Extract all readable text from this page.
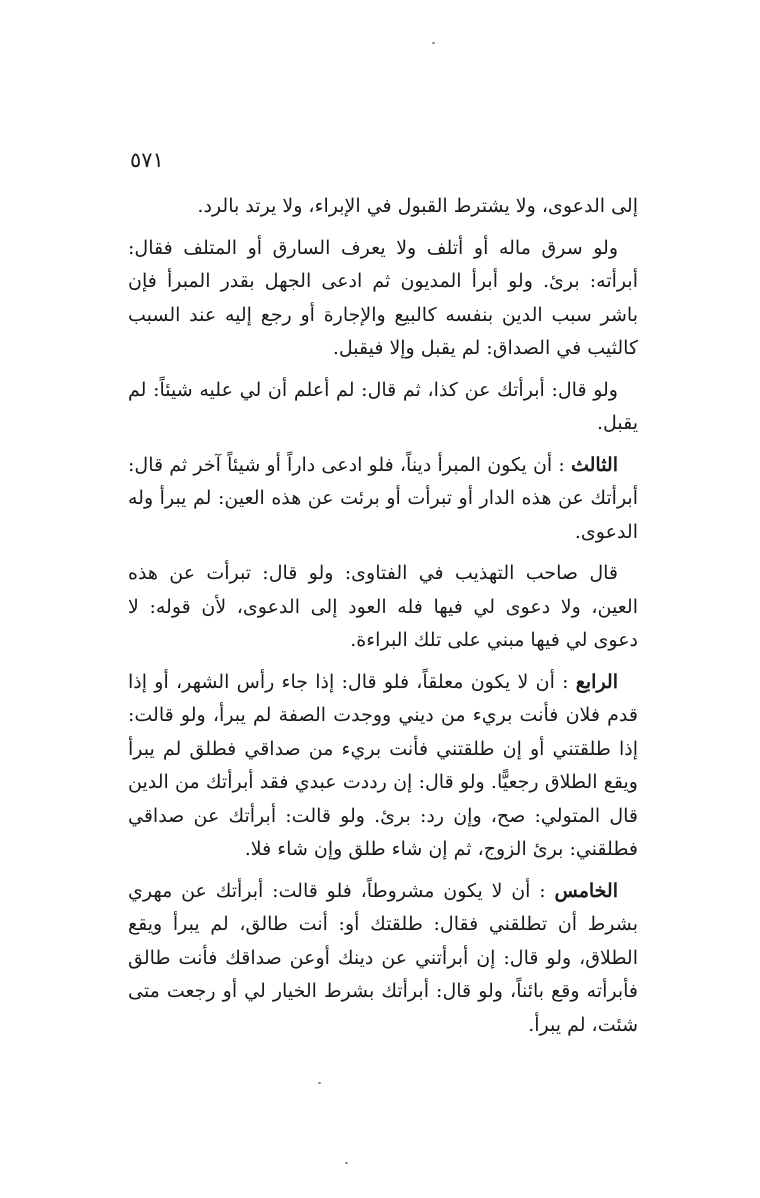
٥٧١

إلى الدعوى، ولا يشترط القبول في الإبراء، ولا يرتد بالرد.

ولو سرق ماله أو أتلف ولا يعرف السارق أو المتلف فقال: أبرأته: برئ. ولو أبرأ المديون ثم ادعى الجهل بقدر المبرأ فإن باشر سبب الدين بنفسه كالبيع والإجارة أو رجع إليه عند السبب كالثيب في الصداق: لم يقبل وإلا فيقبل.

ولو قال: أبرأتك عن كذا، ثم قال: لم أعلم أن لي عليه شيئاً: لم يقبل.

الثالث : أن يكون المبرأ ديناً، فلو ادعى داراً أو شيئاً آخر ثم قال: أبرأتك عن هذه الدار أو تبرأت أو برئت عن هذه العين: لم يبرأ وله الدعوى.

قال صاحب التهذيب في الفتاوى: ولو قال: تبرأت عن هذه العين، ولا دعوى لي فيها فله العود إلى الدعوى، لأن قوله: لا دعوى لي فيها مبني على تلك البراءة.

الرابع : أن لا يكون معلقاً، فلو قال: إذا جاء رأس الشهر، أو إذا قدم فلان فأنت بريء من ديني ووجدت الصفة لم يبرأ، ولو قالت: إذا طلقتني أو إن طلقتني فأنت بريء من صداقي فطلق لم يبرأ ويقع الطلاق رجعيًّا. ولو قال: إن رددت عبدي فقد أبرأتك من الدين قال المتولي: صح، وإن رد: برئ. ولو قالت: أبرأتك عن صداقي فطلقني: برئ الزوج، ثم إن شاء طلق وإن شاء فلا.

الخامس : أن لا يكون مشروطاً، فلو قالت: أبرأتك عن مهري بشرط أن تطلقني فقال: طلقتك أو: أنت طالق، لم يبرأ ويقع الطلاق، ولو قال: إن أبرأتني عن دينك أوعن صداقك فأنت طالق فأبرأته وقع بائناً، ولو قال: أبرأتك بشرط الخيار لي أو رجعت متى شئت، لم يبرأ.
